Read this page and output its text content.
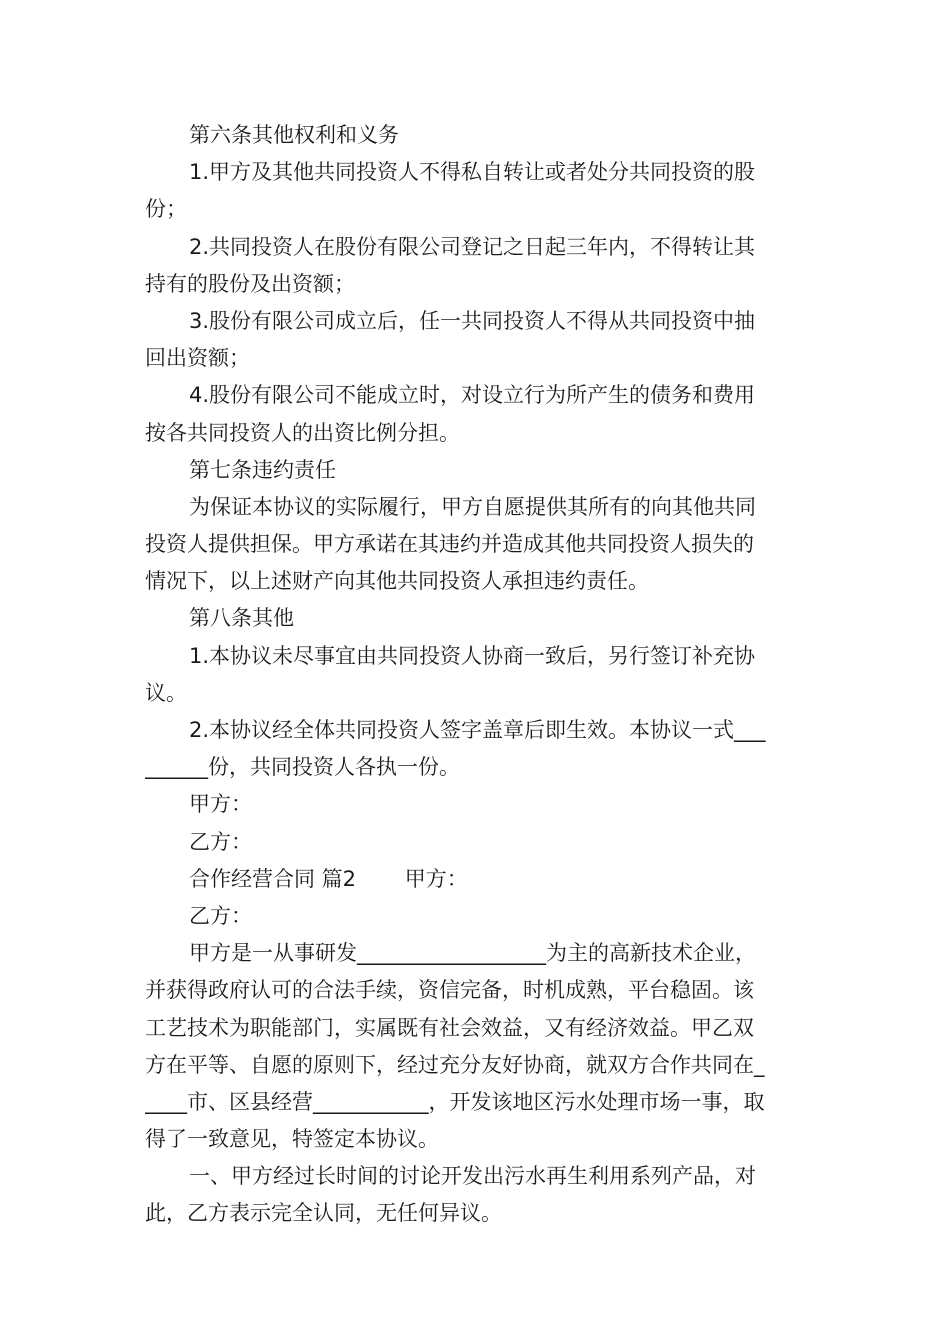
第六条其他权利和义务
1.甲方及其他共同投资人不得私自转让或者处分共同投资的股
份；
2.共同投资人在股份有限公司登记之日起三年内，不得转让其
持有的股份及出资额；
3.股份有限公司成立后，任一共同投资人不得从共同投资中抽
回出资额；
4.股份有限公司不能成立时，对设立行为所产生的债务和费用
按各共同投资人的出资比例分担。
第七条违约责任
为保证本协议的实际履行，甲方自愿提供其所有的向其他共同
投资人提供担保。甲方承诺在其违约并造成其他共同投资人损失的
情况下，以上述财产向其他共同投资人承担违约责任。
第八条其他
1.本协议未尽事宜由共同投资人协商一致后，另行签订补充协
议。
2.本协议经全体共同投资人签字盖章后即生效。本协议一式___
______份，共同投资人各执一份。
甲方：
乙方：
合作经营合同 篇2　　 甲方：
乙方：
甲方是一从事研发__________________为主的高新技术企业，
并获得政府认可的合法手续，资信完备，时机成熟，平台稳固。该
工艺技术为职能部门，实属既有社会效益，又有经济效益。甲乙双
方在平等、自愿的原则下，经过充分友好协商，就双方合作共同在_
____市、区县经营___________，开发该地区污水处理市场一事，取
得了一致意见，特签定本协议。
一、甲方经过长时间的讨论开发出污水再生利用系列产品，对
此，乙方表示完全认同，无任何异议。
